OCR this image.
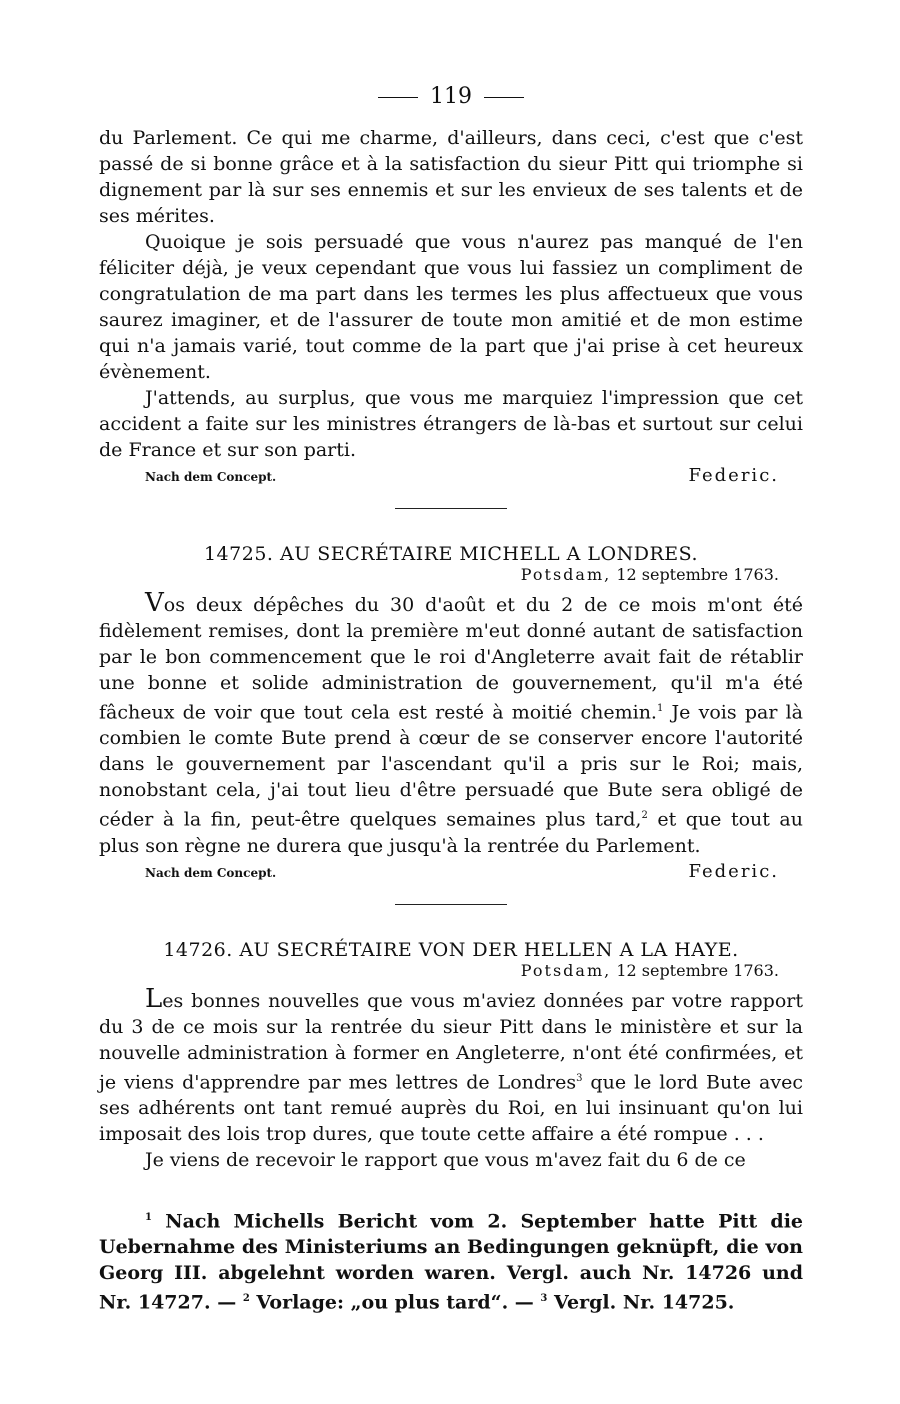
119

du Parlement. Ce qui me charme, d'ailleurs, dans ceci, c'est que c'est passé de si bonne grâce et à la satisfaction du sieur Pitt qui triomphe si dignement par là sur ses ennemis et sur les envieux de ses talents et de ses mérites.

Quoique je sois persuadé que vous n'aurez pas manqué de l'en féliciter déjà, je veux cependant que vous lui fassiez un compliment de congratulation de ma part dans les termes les plus affectueux que vous saurez imaginer, et de l'assurer de toute mon amitié et de mon estime qui n'a jamais varié, tout comme de la part que j'ai prise à cet heureux évènement.

J'attends, au surplus, que vous me marquiez l'impression que cet accident a faite sur les ministres étrangers de là-bas et surtout sur celui de France et sur son parti.

Nach dem Concept.	Federic.
14725. AU SECRÉTAIRE MICHELL A LONDRES.
Potsdam, 12 septembre 1763.

Vos deux dépêches du 30 d'août et du 2 de ce mois m'ont été fidèlement remises, dont la première m'eut donné autant de satisfaction par le bon commencement que le roi d'Angleterre avait fait de rétablir une bonne et solide administration de gouvernement, qu'il m'a été fâcheux de voir que tout cela est resté à moitié chemin.$^1$ Je vois par là combien le comte Bute prend à cœur de se conserver encore l'autorité dans le gouvernement par l'ascendant qu'il a pris sur le Roi; mais, nonobstant cela, j'ai tout lieu d'être persuadé que Bute sera obligé de céder à la fin, peut-être quelques semaines plus tard,$^2$ et que tout au plus son règne ne durera que jusqu'à la rentrée du Parlement.

Nach dem Concept.	Federic.
14726. AU SECRÉTAIRE VON DER HELLEN A LA HAYE.
Potsdam, 12 septembre 1763.

Les bonnes nouvelles que vous m'aviez données par votre rapport du 3 de ce mois sur la rentrée du sieur Pitt dans le ministère et sur la nouvelle administration à former en Angleterre, n'ont été confirmées, et je viens d'apprendre par mes lettres de Londres$^3$ que le lord Bute avec ses adhérents ont tant remué auprès du Roi, en lui insinuant qu'on lui imposait des lois trop dures, que toute cette affaire a été rompue . . .

Je viens de recevoir le rapport que vous m'avez fait du 6 de ce

$^1$ Nach Michells Bericht vom 2. September hatte Pitt die Uebernahme des Ministeriums an Bedingungen geknüpft, die von Georg III. abgelehnt worden waren. Vergl. auch Nr. 14726 und Nr. 14727. — $^2$ Vorlage: „ou plus tard“. — $^3$ Vergl. Nr. 14725.
